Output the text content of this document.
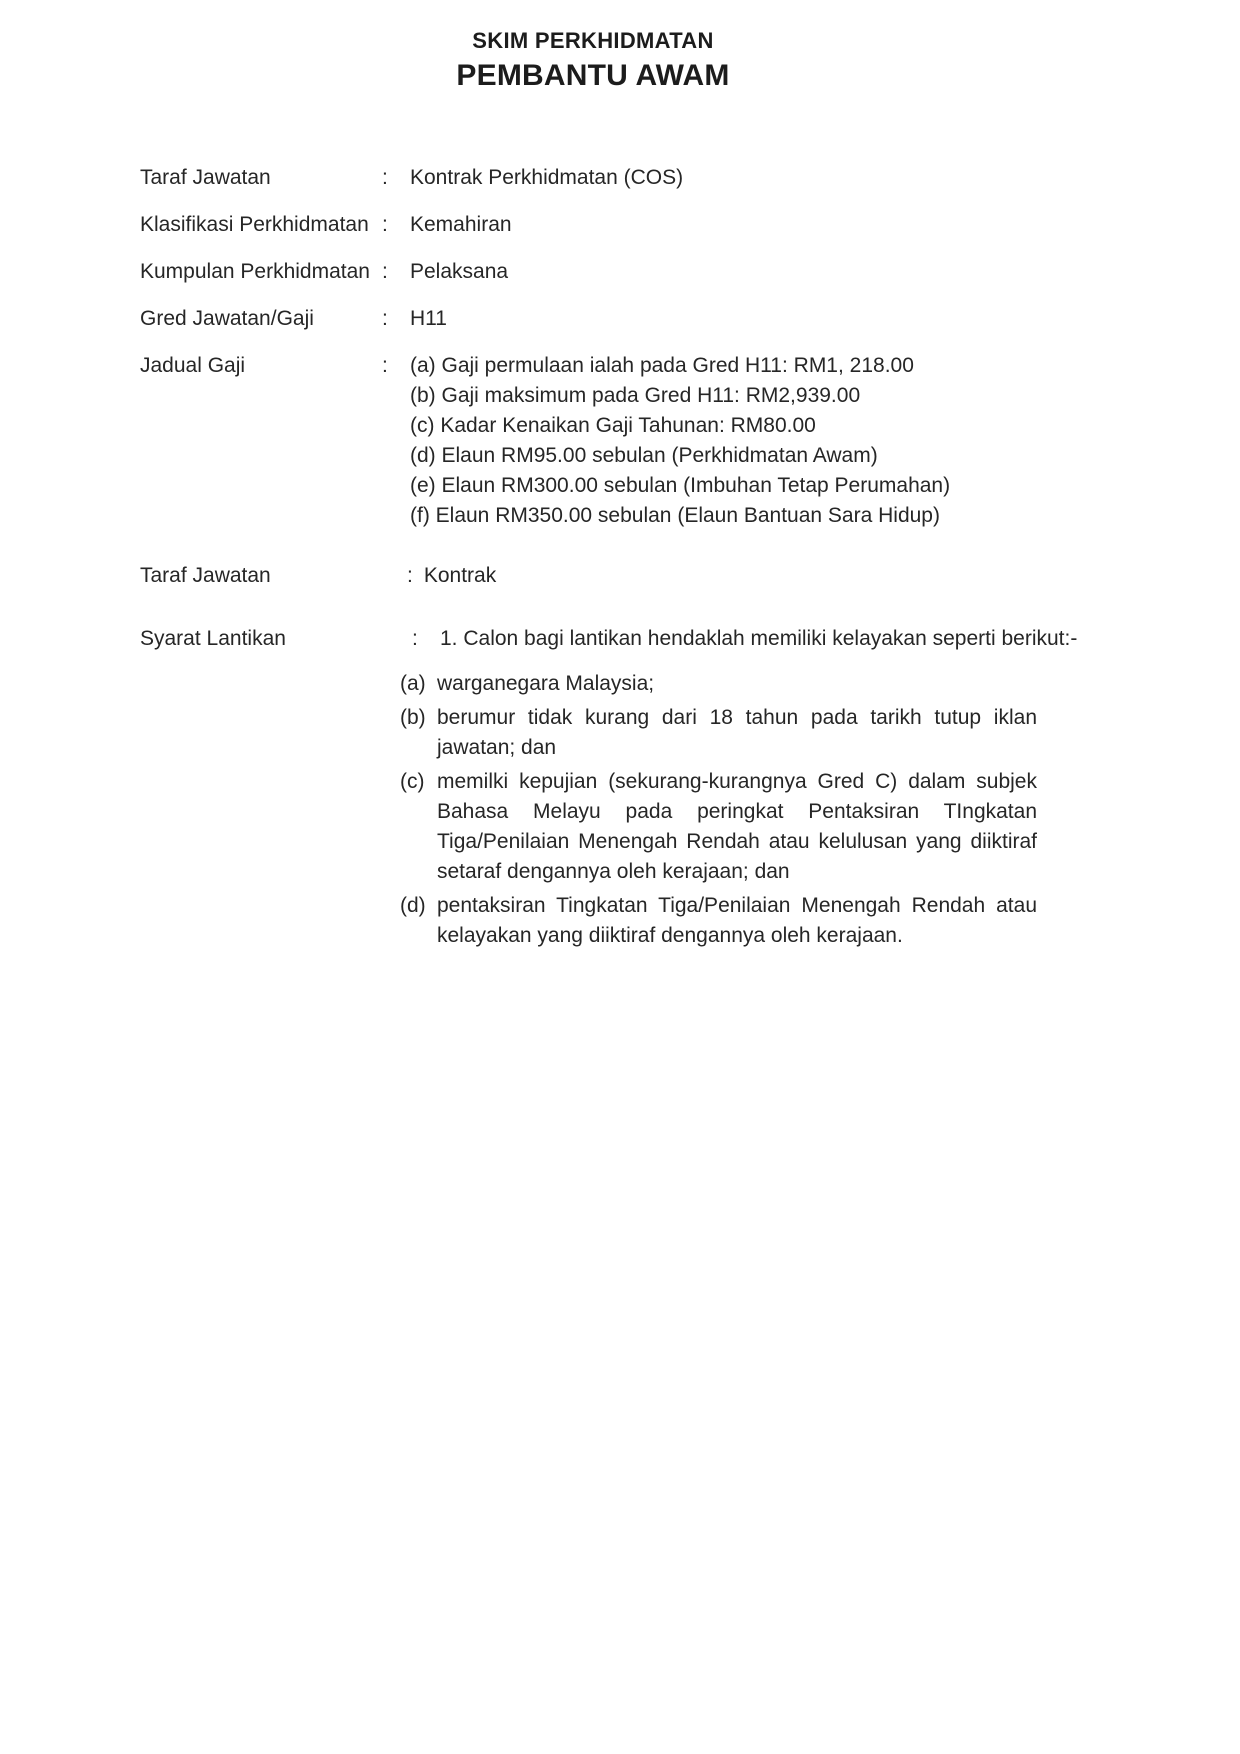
SKIM PERKHIDMATAN
PEMBANTU AWAM
Taraf Jawatan	:	Kontrak Perkhidmatan (COS)
Klasifikasi Perkhidmatan :	Kemahiran
Kumpulan Perkhidmatan :	Pelaksana
Gred Jawatan/Gaji	:	H11
Jadual Gaji	:	(a) Gaji permulaan ialah pada Gred H11: RM1, 218.00
(b) Gaji maksimum pada Gred H11: RM2,939.00
(c) Kadar Kenaikan Gaji Tahunan: RM80.00
(d) Elaun RM95.00 sebulan (Perkhidmatan Awam)
(e) Elaun RM300.00 sebulan (Imbuhan Tetap Perumahan)
(f) Elaun RM350.00 sebulan (Elaun Bantuan Sara Hidup)
Taraf Jawatan	: Kontrak
Syarat Lantikan	:	1. Calon bagi lantikan hendaklah memiliki kelayakan seperti berikut:-
(a) warganegara Malaysia;
(b) berumur tidak kurang dari 18 tahun pada tarikh tutup iklan jawatan; dan
(c) memilki kepujian (sekurang-kurangnya Gred C) dalam subjek Bahasa Melayu pada peringkat Pentaksiran TIngkatan Tiga/Penilaian Menengah Rendah atau kelulusan yang diiktiraf setaraf dengannya oleh kerajaan; dan
(d) pentaksiran Tingkatan Tiga/Penilaian Menengah Rendah atau kelayakan yang diiktiraf dengannya oleh kerajaan.
